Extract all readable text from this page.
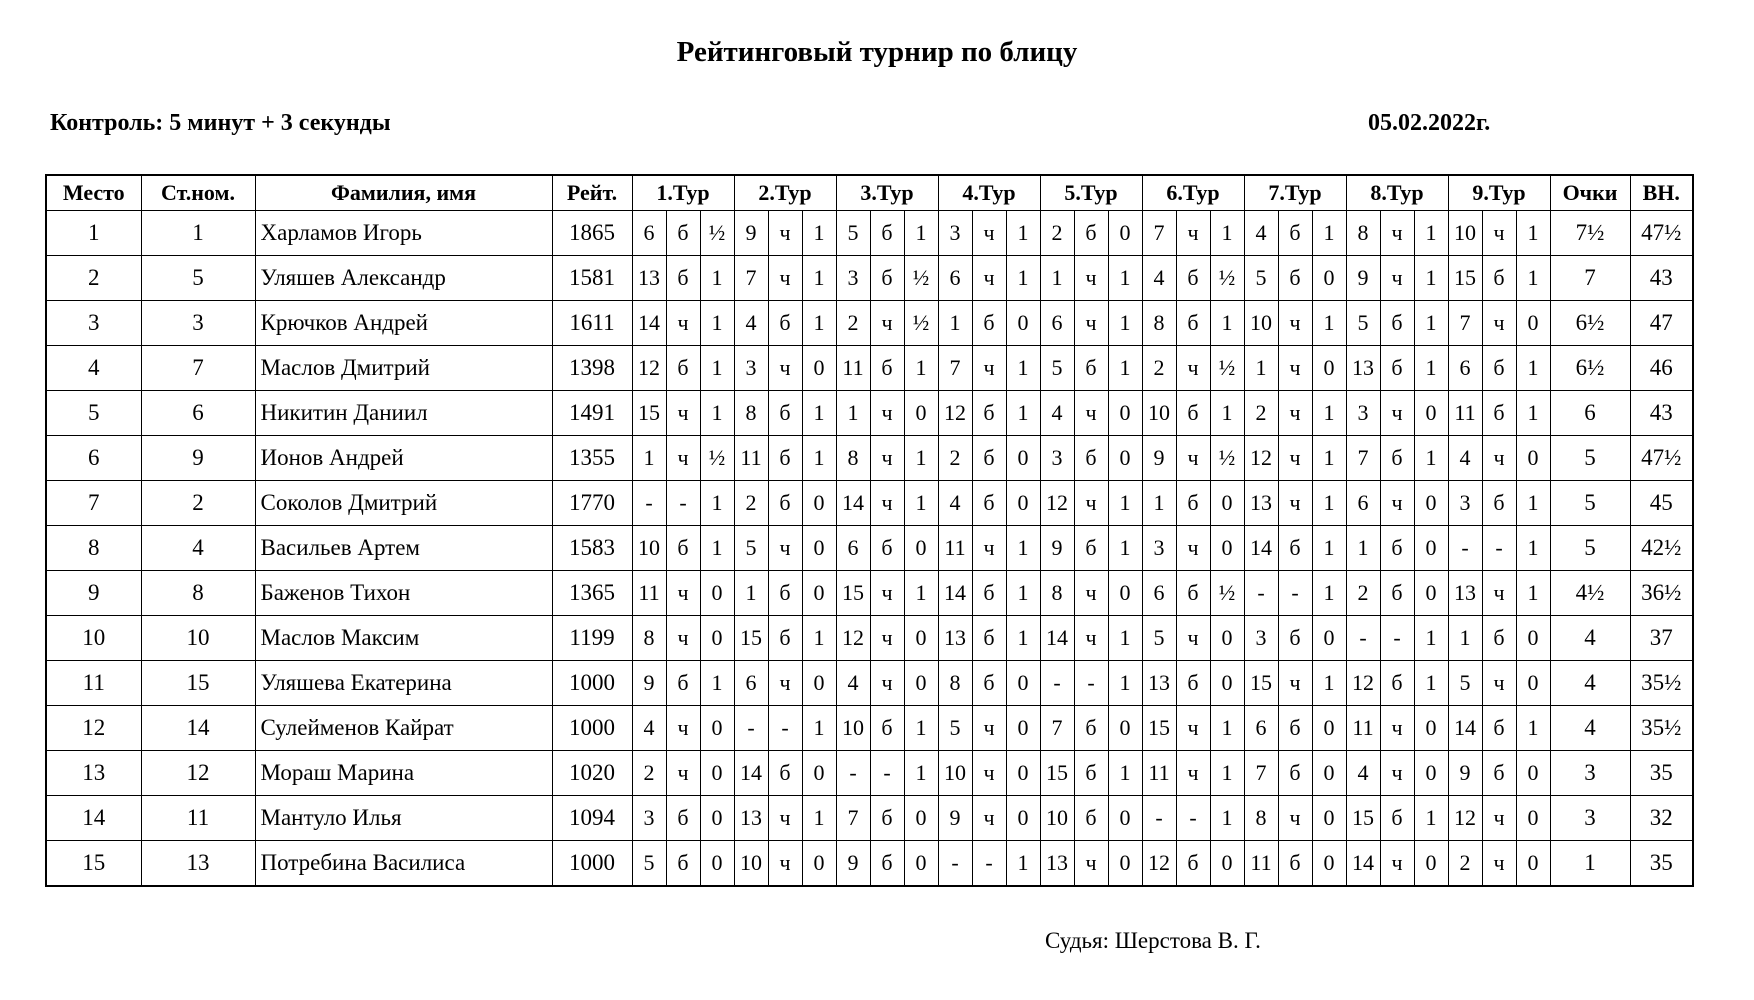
Рейтинговый турнир по блицу
Контроль: 5 минут + 3 секунды	05.02.2022г.
Место	Ст.ном.	Фамилия, имя	Рейт.	1.Тур			2.Тур			3.Тур			4.Тур			5.Тур			6.Тур			7.Тур			8.Тур			9.Тур			Очки	ВН.
1	1	Харламов Игорь	1865	6	б	½	9	ч	1	5	б	1	3	ч	1	2	б	0	7	ч	1	4	б	1	8	ч	1	10	ч	1	7½	47½
2	5	Уляшев Александр	1581	13	б	1	7	ч	1	3	б	½	6	ч	1	1	ч	1	4	б	½	5	б	0	9	ч	1	15	б	1	7	43
3	3	Крючков Андрей	1611	14	ч	1	4	б	1	2	ч	½	1	б	0	6	ч	1	8	б	1	10	ч	1	5	б	1	7	ч	0	6½	47
4	7	Маслов Дмитрий	1398	12	б	1	3	ч	0	11	б	1	7	ч	1	5	б	1	2	ч	½	1	ч	0	13	б	1	6	б	1	6½	46
5	6	Никитин Даниил	1491	15	ч	1	8	б	1	1	ч	0	12	б	1	4	ч	0	10	б	1	2	ч	1	3	ч	0	11	б	1	6	43
6	9	Ионов Андрей	1355	1	ч	½	11	б	1	8	ч	1	2	б	0	3	б	0	9	ч	½	12	ч	1	7	б	1	4	ч	0	5	47½
7	2	Соколов Дмитрий	1770	-	-	1	2	б	0	14	ч	1	4	б	0	12	ч	1	1	б	0	13	ч	1	6	ч	0	3	б	1	5	45
8	4	Васильев Артем	1583	10	б	1	5	ч	0	6	б	0	11	ч	1	9	б	1	3	ч	0	14	б	1	1	б	0	-	-	1	5	42½
9	8	Баженов Тихон	1365	11	ч	0	1	б	0	15	ч	1	14	б	1	8	ч	0	6	б	½	-	-	1	2	б	0	13	ч	1	4½	36½
10	10	Маслов Максим	1199	8	ч	0	15	б	1	12	ч	0	13	б	1	14	ч	1	5	ч	0	3	б	0	-	-	1	1	б	0	4	37
11	15	Уляшева Екатерина	1000	9	б	1	6	ч	0	4	ч	0	8	б	0	-	-	1	13	б	0	15	ч	1	12	б	1	5	ч	0	4	35½
12	14	Сулейменов Кайрат	1000	4	ч	0	-	-	1	10	б	1	5	ч	0	7	б	0	15	ч	1	6	б	0	11	ч	0	14	б	1	4	35½
13	12	Мораш Марина	1020	2	ч	0	14	б	0	-	-	1	10	ч	0	15	б	1	11	ч	1	7	б	0	4	ч	0	9	б	0	3	35
14	11	Мантуло Илья	1094	3	б	0	13	ч	1	7	б	0	9	ч	0	10	б	0	-	-	1	8	ч	0	15	б	1	12	ч	0	3	32
15	13	Потребина Василиса	1000	5	б	0	10	ч	0	9	б	0	-	-	1	13	ч	0	12	б	0	11	б	0	14	ч	0	2	ч	0	1	35
Судья: Шерстова В. Г.
